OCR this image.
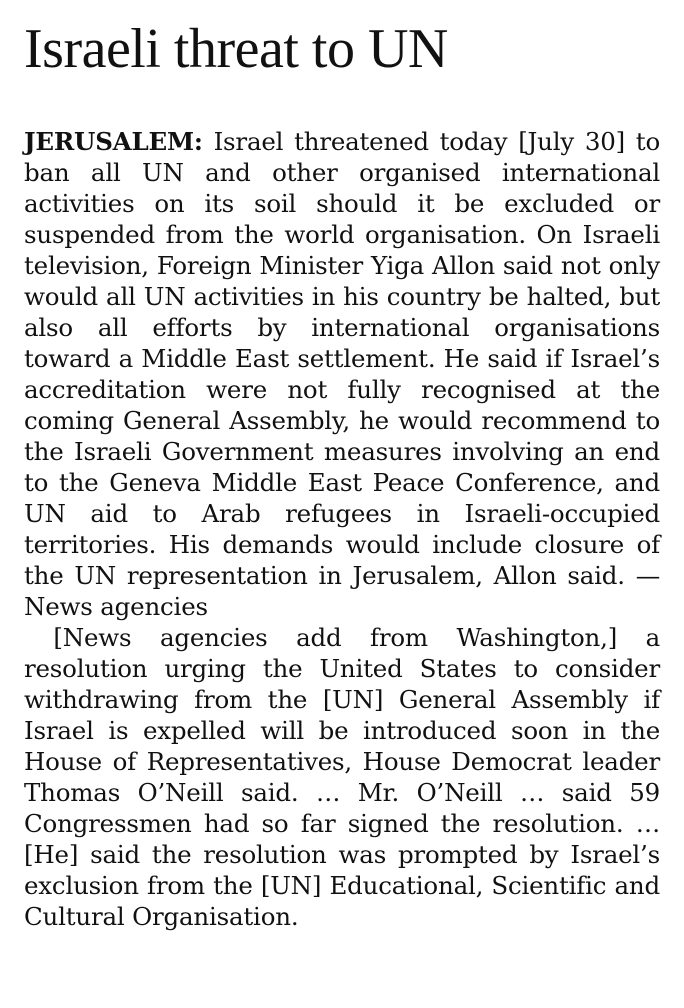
Israeli threat to UN

JERUSALEM: Israel threatened today [July 30] to ban all UN and other organised international activities on its soil should it be excluded or suspended from the world organisation. On Israeli television, Foreign Minister Yiga Allon said not only would all UN activities in his country be halted, but also all efforts by international organisations toward a Middle East settlement. He said if Israel’s accreditation were not fully recognised at the coming General Assembly, he would recommend to the Israeli Government measures involving an end to the Geneva Middle East Peace Conference, and UN aid to Arab refugees in Israeli-occupied territories. His demands would include closure of the UN representation in Jerusalem, Allon said. — News agencies

[News agencies add from Washington,] a resolution urging the United States to consider withdrawing from the [UN] General Assembly if Israel is expelled will be introduced soon in the House of Representatives, House Democrat leader Thomas O’Neill said. … Mr. O’Neill … said 59 Congressmen had so far signed the resolution. … [He] said the resolution was prompted by Israel’s exclusion from the [UN] Educational, Scientific and Cultural Organisation.
